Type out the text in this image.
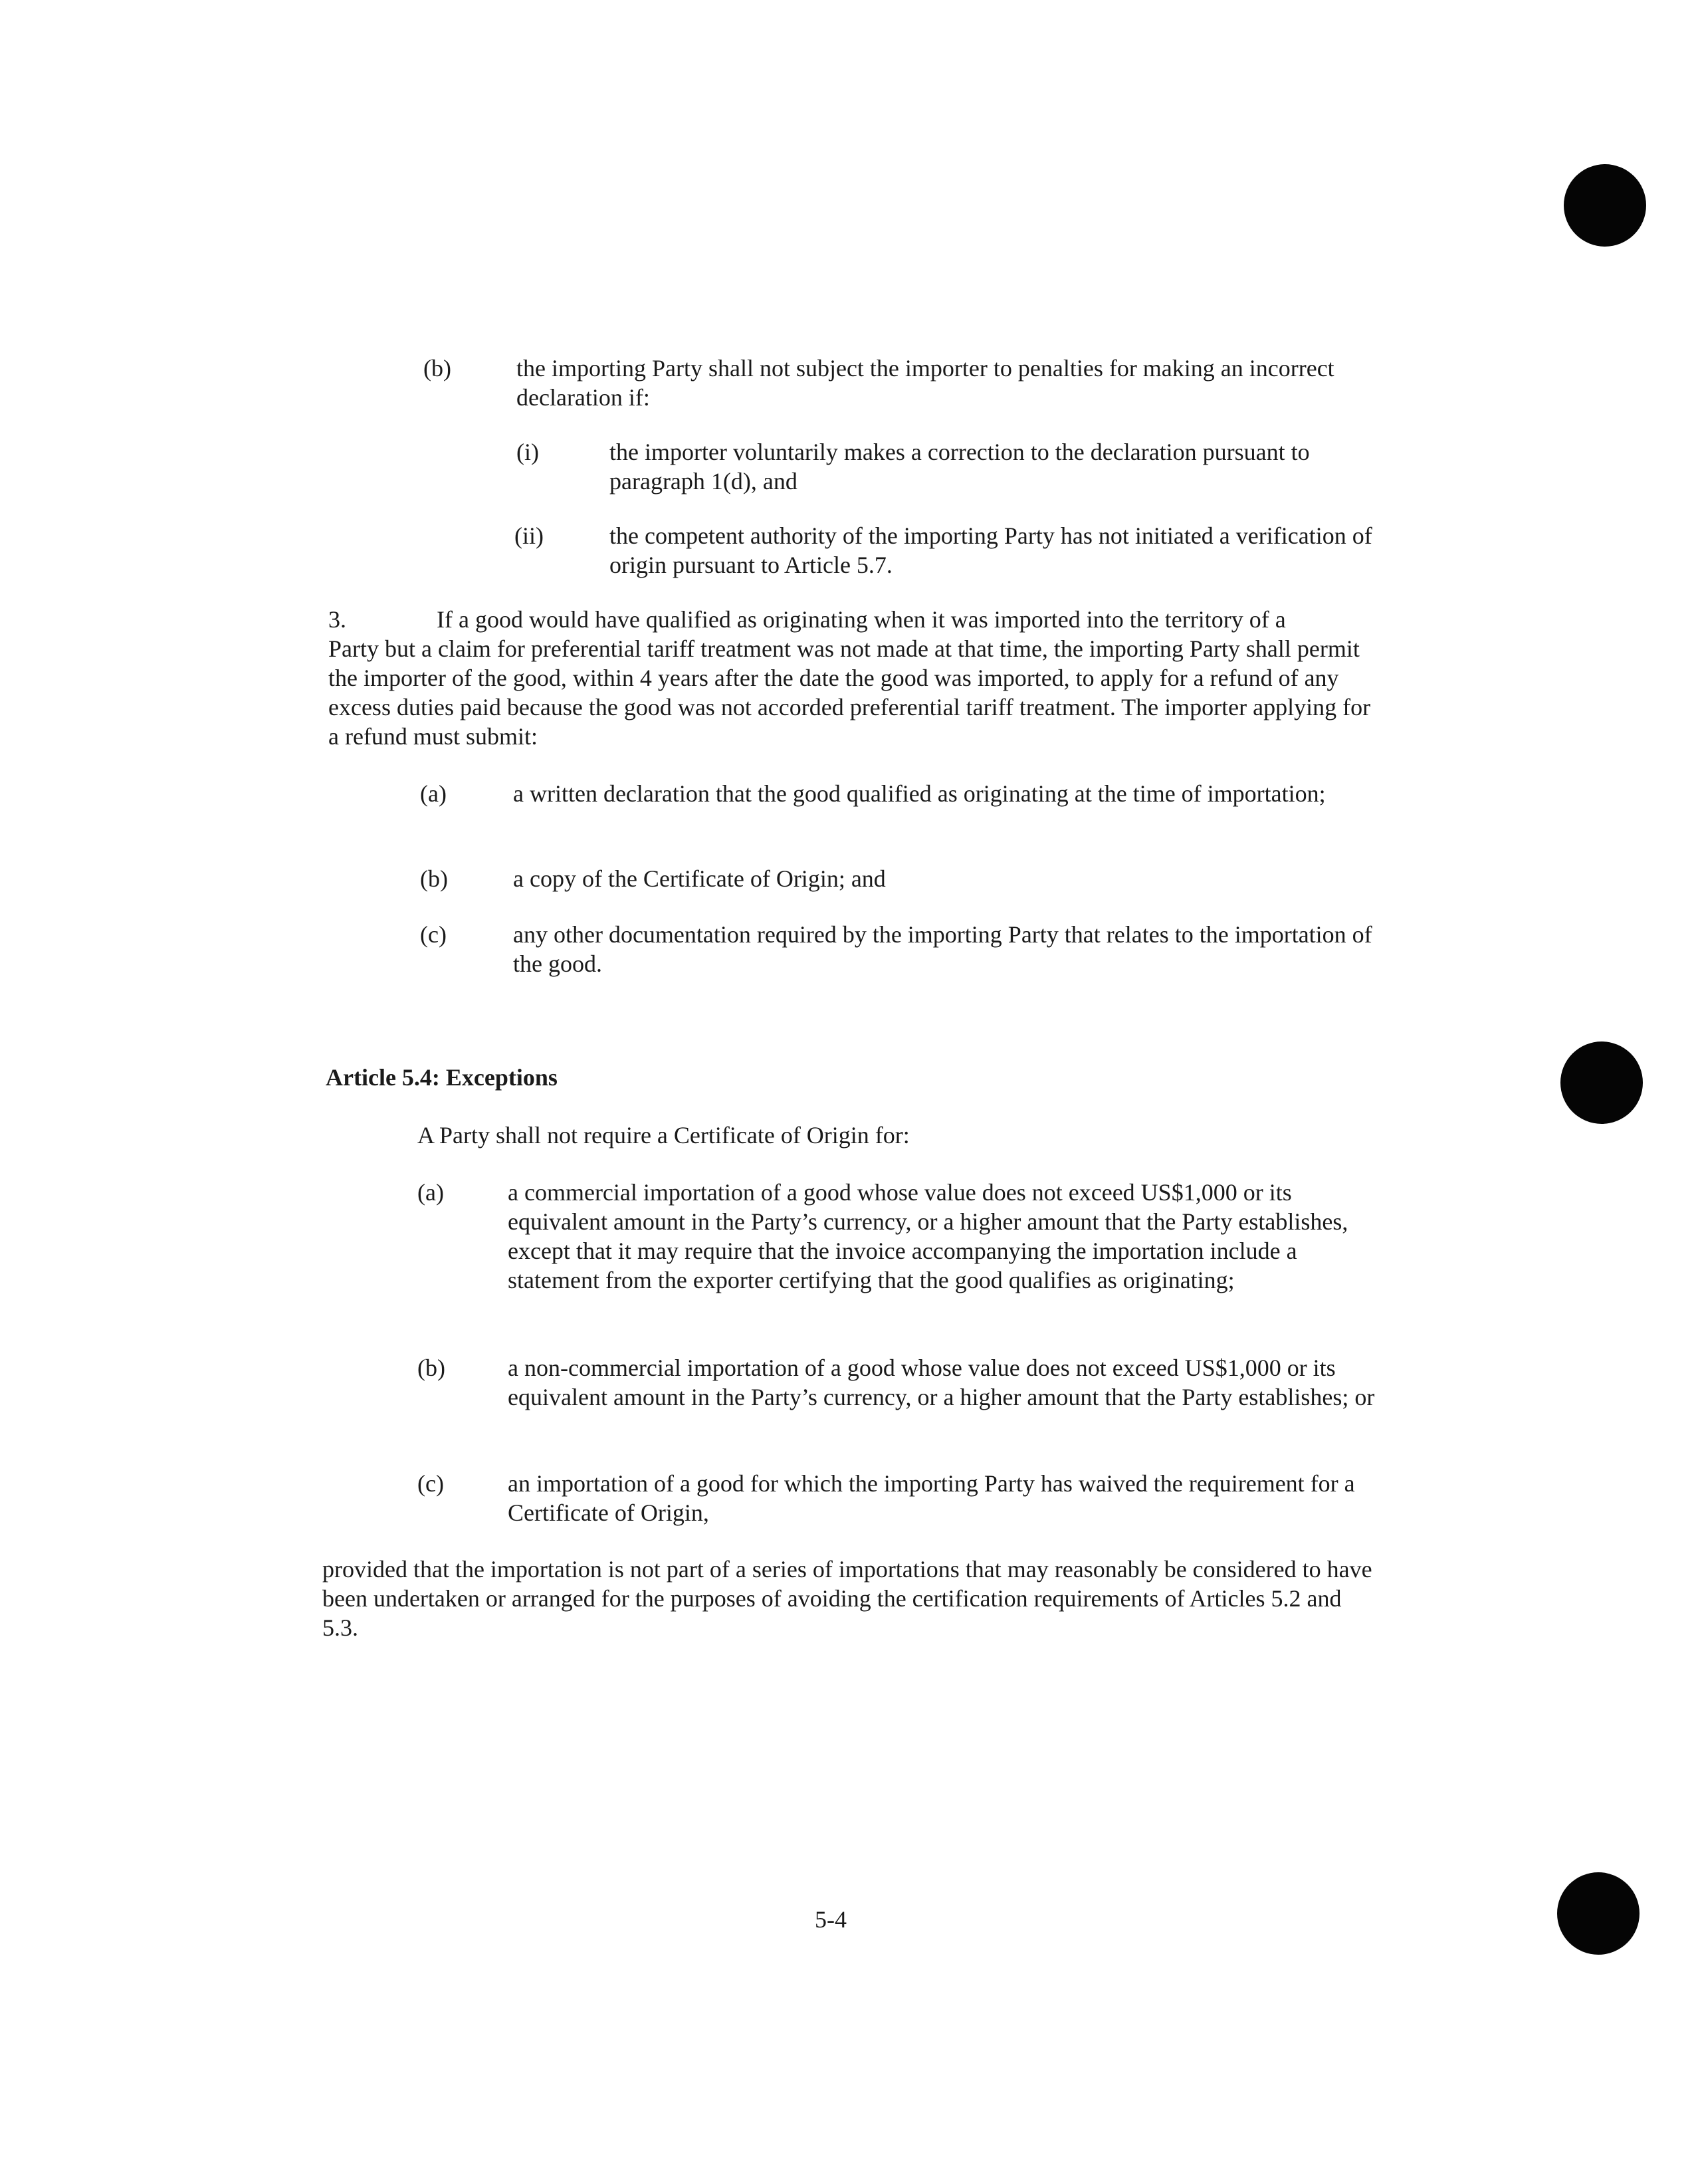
(b)	the importing Party shall not subject the importer to penalties for making an incorrect declaration if:
(i)	the importer voluntarily makes a correction to the declaration pursuant to paragraph 1(d), and
(ii)	the competent authority of the importing Party has not initiated a verification of origin pursuant to Article 5.7.
3.	If a good would have qualified as originating when it was imported into the territory of a
Party but a claim for preferential tariff treatment was not made at that time, the importing Party shall permit the importer of the good, within 4 years after the date the good was imported, to apply for a refund of any excess duties paid because the good was not accorded preferential tariff treatment. The importer applying for a refund must submit:
(a)	a written declaration that the good qualified as originating at the time of importation;
(b)	a copy of the Certificate of Origin; and
(c)	any other documentation required by the importing Party that relates to the importation of the good.
Article 5.4: Exceptions
A Party shall not require a Certificate of Origin for:
(a)	a commercial importation of a good whose value does not exceed US$1,000 or its equivalent amount in the Party’s currency, or a higher amount that the Party establishes, except that it may require that the invoice accompanying the importation include a statement from the exporter certifying that the good qualifies as originating;
(b)	a non-commercial importation of a good whose value does not exceed US$1,000 or its equivalent amount in the Party’s currency, or a higher amount that the Party establishes; or
(c)	an importation of a good for which the importing Party has waived the requirement for a Certificate of Origin,
provided that the importation is not part of a series of importations that may reasonably be considered to have been undertaken or arranged for the purposes of avoiding the certification requirements of Articles 5.2 and 5.3.
5-4
